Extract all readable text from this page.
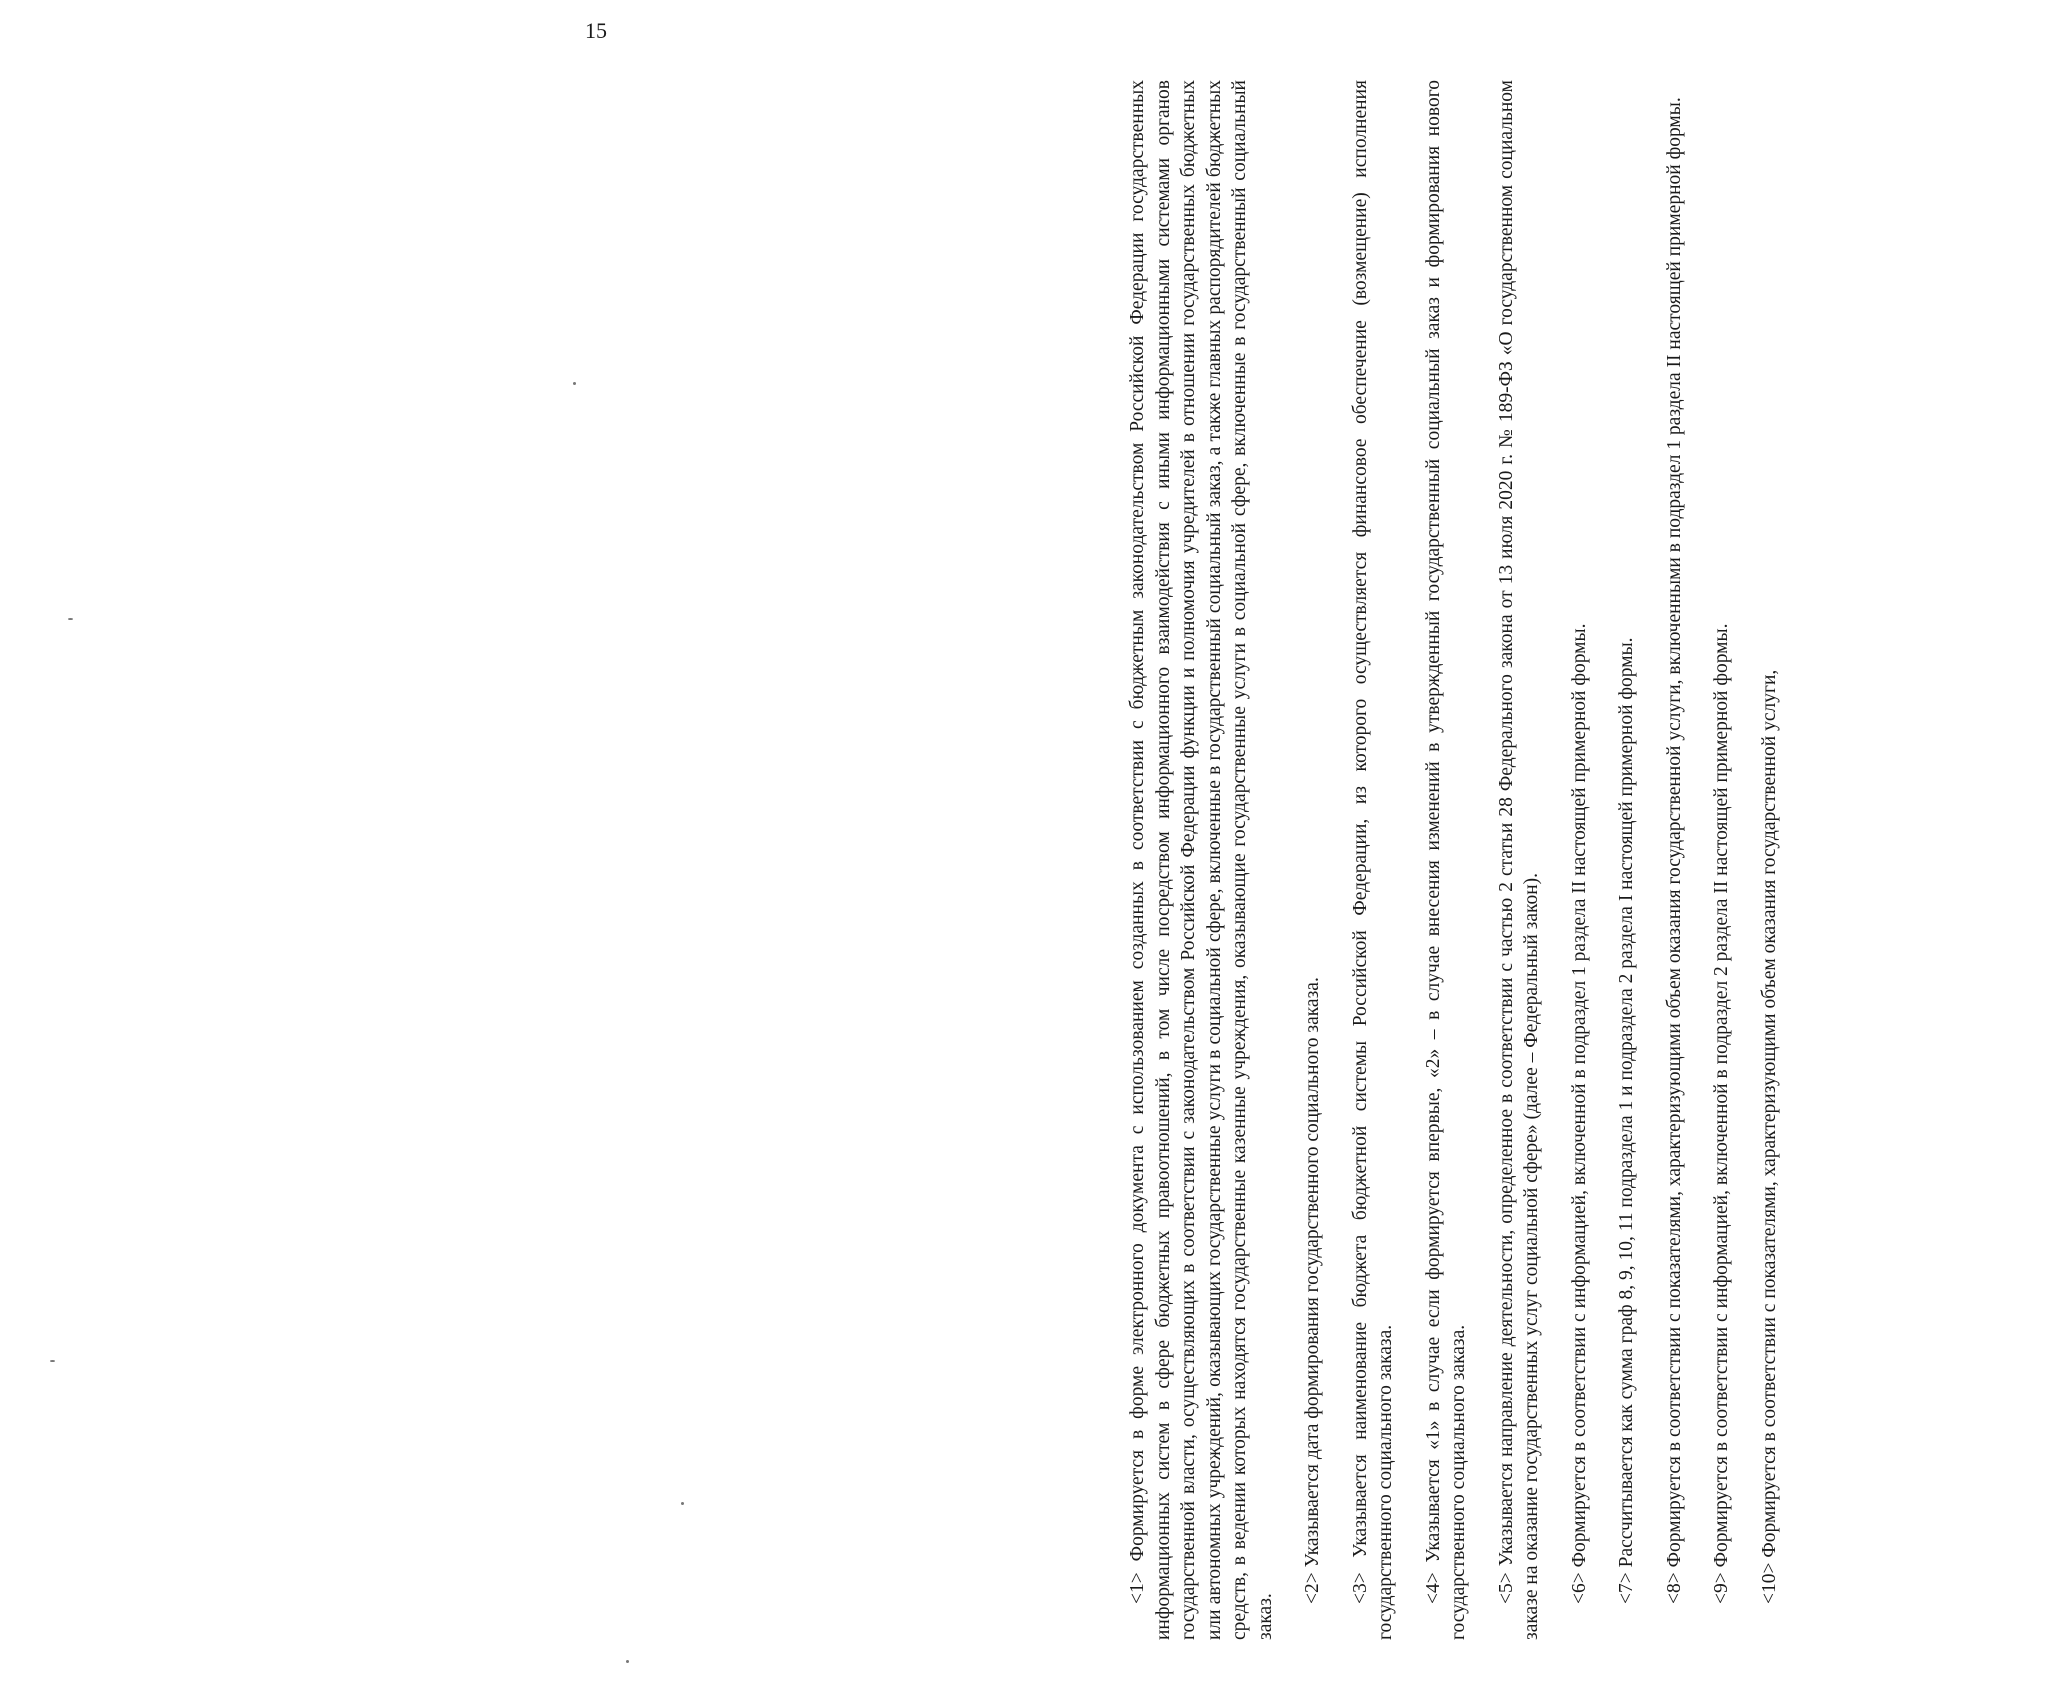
15

<1> Формируется в форме электронного документа с использованием созданных в соответствии с бюджетным законодательством Российской Федерации государственных информационных систем в сфере бюджетных правоотношений, в том числе посредством информационного взаимодействия с иными информационными системами органов государственной власти, осуществляющих в соответствии с законодательством Российской Федерации функции и полномочия учредителей в отношении государственных бюджетных или автономных учреждений, оказывающих государственные услуги в социальной сфере, включенные в государственный социальный заказ, а также главных распорядителей бюджетных средств, в ведении которых находятся государственные казенные учреждения, оказывающие государственные услуги в социальной сфере, включенные в государственный социальный заказ.

<2> Указывается дата формирования государственного социального заказа. <3> Указывается наименование бюджета бюджетной системы Российской Федерации, из которого осуществляется финансовое обеспечение (возмещение) исполнения государственного социального заказа. <4> Указывается «1» в случае если формируется впервые, «2» – в случае внесения изменений в утвержденный государственный социальный заказ и формирования нового государственного социального заказа. <5> Указывается направление деятельности, определенное в соответствии с частью 2 статьи 28 Федерального закона от 13 июля 2020 г. № 189-ФЗ «О государственном социальном заказе на оказание государственных услуг социальной сфере» (далее – Федеральный закон). <6> Формируется в соответствии с информацией, включенной в подраздел 1 раздела II настоящей примерной формы. <7> Рассчитывается как сумма граф 8, 9, 10, 11 подраздела 1 и подраздела 2 раздела I настоящей примерной формы. <8> Формируется в соответствии с показателями, характеризующими объем оказания государственной услуги, включенными в подраздел 1 раздела II настоящей примерной формы. <9> Формируется в соответствии с информацией, включенной в подраздел 2 раздела II настоящей примерной формы. <10> Формируется в соответствии с показателями, характеризующими объем оказания государственной услуги,
